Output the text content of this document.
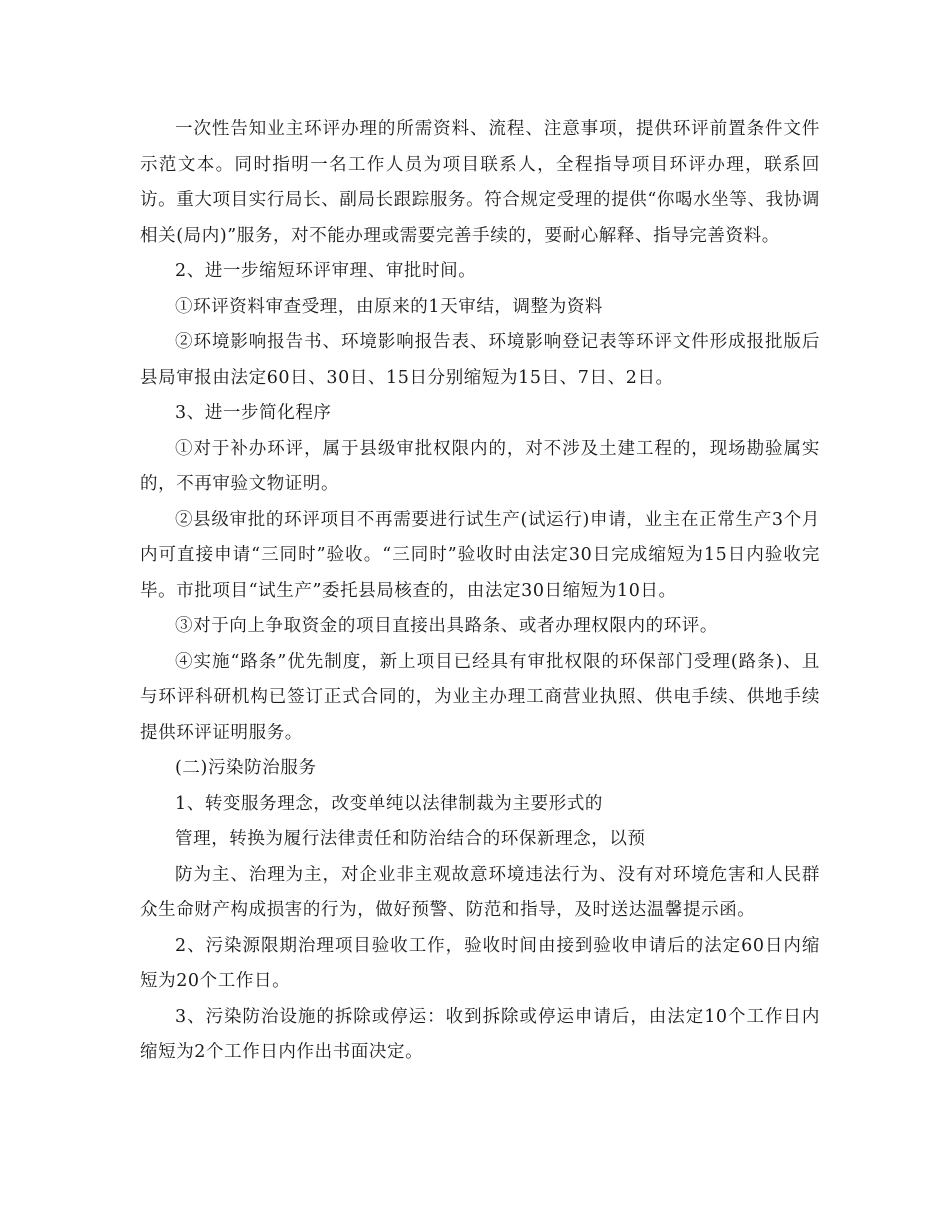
一次性告知业主环评办理的所需资料、流程、注意事项，提供环评前置条件文件示范文本。同时指明一名工作人员为项目联系人，全程指导项目环评办理，联系回访。重大项目实行局长、副局长跟踪服务。符合规定受理的提供“你喝水坐等、我协调相关(局内)”服务，对不能办理或需要完善手续的，要耐心解释、指导完善资料。

2、进一步缩短环评审理、审批时间。

①环评资料审查受理，由原来的1天审结，调整为资料

②环境影响报告书、环境影响报告表、环境影响登记表等环评文件形成报批版后县局审报由法定60日、30日、15日分别缩短为15日、7日、2日。

3、进一步简化程序

①对于补办环评，属于县级审批权限内的，对不涉及土建工程的，现场勘验属实的，不再审验文物证明。

②县级审批的环评项目不再需要进行试生产(试运行)申请，业主在正常生产3个月内可直接申请“三同时”验收。“三同时”验收时由法定30日完成缩短为15日内验收完毕。市批项目“试生产”委托县局核查的，由法定30日缩短为10日。

③对于向上争取资金的项目直接出具路条、或者办理权限内的环评。

④实施“路条”优先制度，新上项目已经具有审批权限的环保部门受理(路条)、且与环评科研机构已签订正式合同的，为业主办理工商营业执照、供电手续、供地手续提供环评证明服务。

(二)污染防治服务

1、转变服务理念，改变单纯以法律制裁为主要形式的

管理，转换为履行法律责任和防治结合的环保新理念，以预

防为主、治理为主，对企业非主观故意环境违法行为、没有对环境危害和人民群众生命财产构成损害的行为，做好预警、防范和指导，及时送达温馨提示函。

2、污染源限期治理项目验收工作，验收时间由接到验收申请后的法定60日内缩短为20个工作日。

3、污染防治设施的拆除或停运：收到拆除或停运申请后，由法定10个工作日内缩短为2个工作日内作出书面决定。
